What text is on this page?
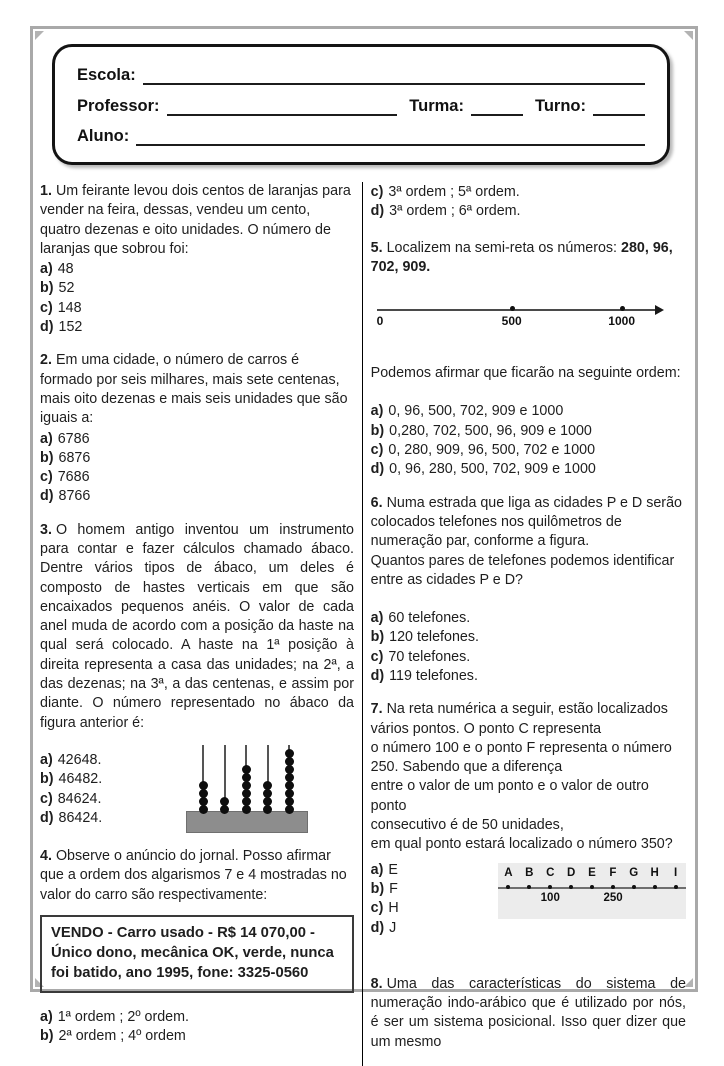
Escola:
Professor:	Turma:	Turno:
Aluno:

1. Um feirante levou dois centos de laranjas para vender na feira, dessas, vendeu um cento, quatro dezenas e oito unidades. O número de laranjas que sobrou foi:

a) 48
b) 52
c) 148
d) 152

2. Em uma cidade, o número de carros é formado por seis milhares, mais sete centenas, mais oito dezenas e mais seis unidades que são iguais a:

a) 6786
b) 6876
c) 7686
d) 8766

3. O homem antigo inventou um instrumento para contar e fazer cálculos chamado ábaco. Dentre vários tipos de ábaco, um deles é composto de hastes verticais em que são encaixados pequenos anéis. O valor de cada anel muda de acordo com a posição da haste na qual será colocado. A haste na 1ª posição à direita representa a casa das unidades; na 2ª, a das dezenas; na 3ª, a das centenas, e assim por diante. O número representado no ábaco da figura anterior é:

a) 42648.
b) 46482.
c) 84624.
d) 86424.

4. Observe o anúncio do jornal. Posso afirmar que a ordem dos algarismos 7 e 4 mostradas no valor do carro são respectivamente:

VENDO - Carro usado - R$ 14 070,00 - Único dono, mecânica OK, verde, nunca foi batido, ano 1995, fone: 3325-0560
a) 1ª ordem ; 2º ordem.
b) 2ª ordem ; 4º ordem
c) 3ª ordem ; 5ª ordem.
d) 3ª ordem ; 6ª ordem.

5. Localizem na semi-reta os números: 280, 96, 702, 909.

0	500	1000

Podemos afirmar que ficarão na seguinte ordem:

a) 0, 96, 500, 702, 909 e 1000
b) 0,280, 702, 500, 96, 909 e 1000
c) 0, 280, 909, 96, 500, 702 e 1000
d) 0, 96, 280, 500, 702, 909 e 1000

6. Numa estrada que liga as cidades P e D serão colocados telefones nos quilômetros de numeração par, conforme a figura.
Quantos pares de telefones podemos identificar entre as cidades P e D?

a) 60 telefones.
b) 120 telefones.
c) 70 telefones.
d) 119 telefones.

7. Na reta numérica a seguir, estão localizados
vários pontos. O ponto C representa
o número 100 e o ponto F representa o número
250. Sabendo que a diferença
entre o valor de um ponto e o valor de outro ponto
consecutivo é de 50 unidades,
em qual ponto estará localizado o número 350?

a) E
b) F
c) H
d) J
100	250
A B C D E F G H I

8. Uma das características do sistema de numeração indo-arábico que é utilizado por nós, é ser um sistema posicional. Isso quer dizer que um mesmo
